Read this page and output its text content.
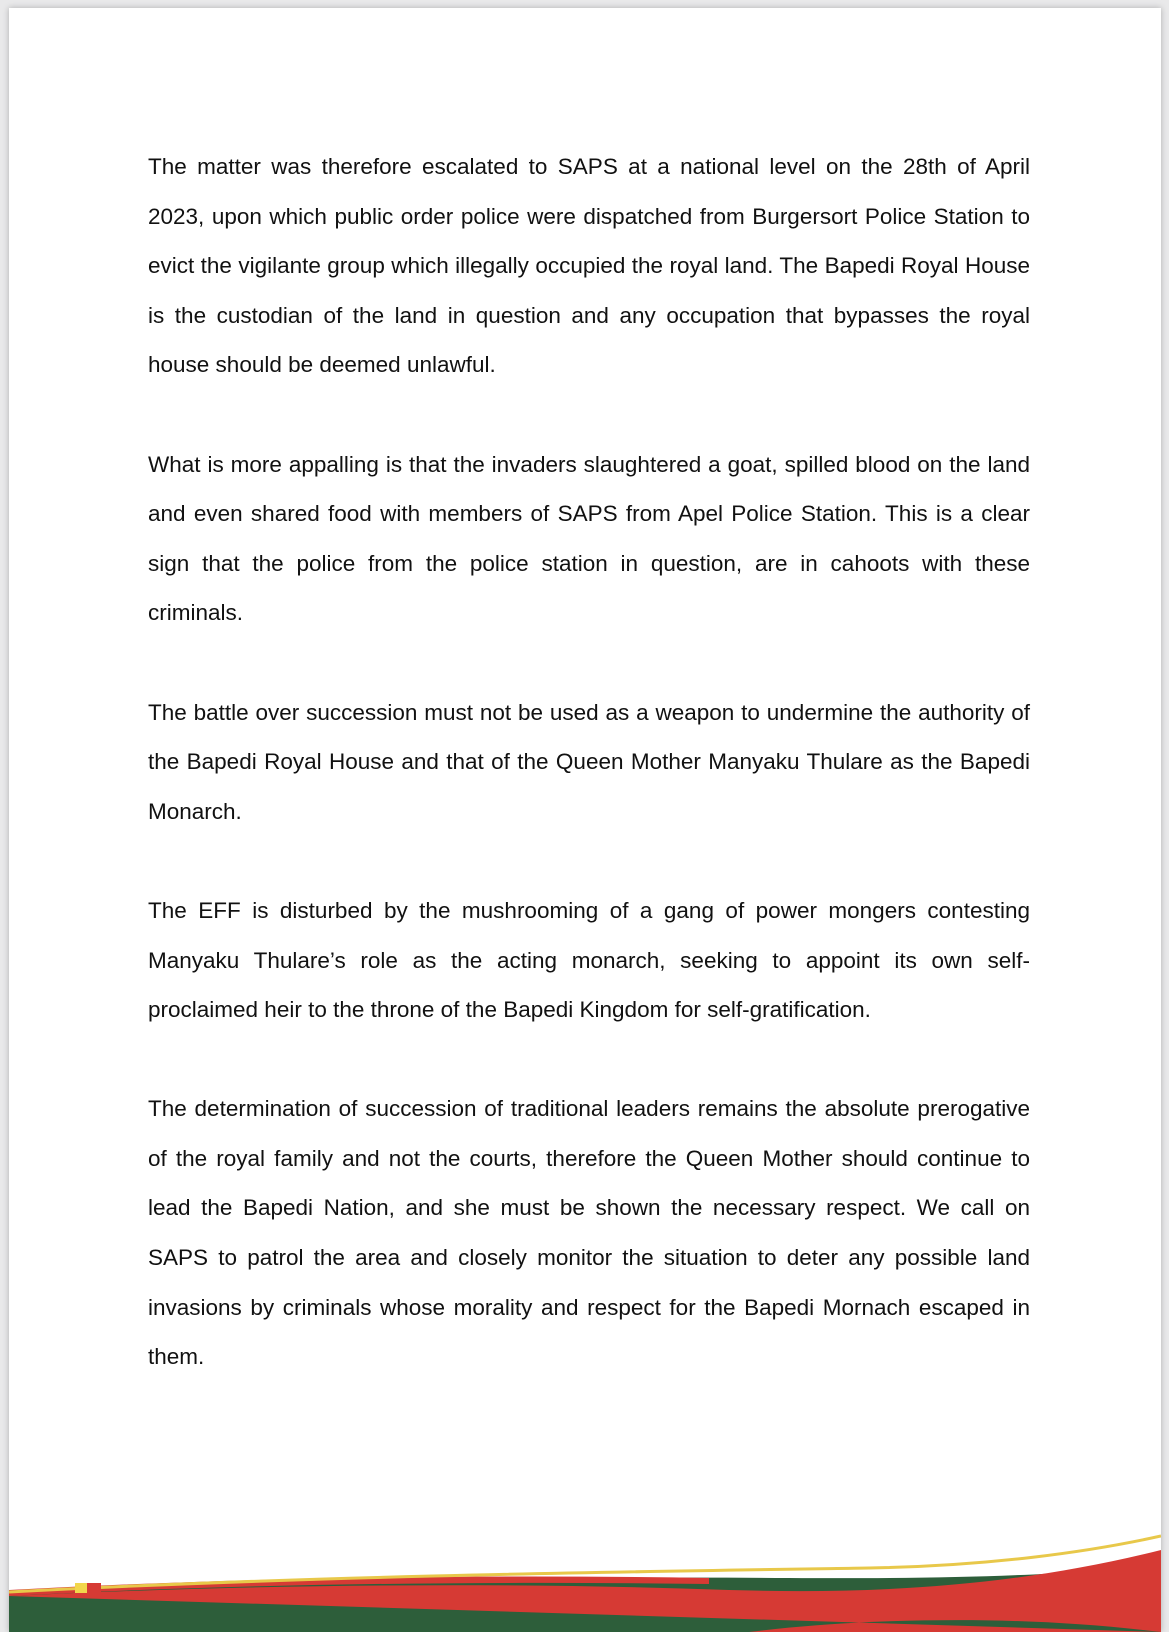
The matter was therefore escalated to SAPS at a national level on the 28th of April 2023, upon which public order police were dispatched from Burgersort Police Station to evict the vigilante group which illegally occupied the royal land. The Bapedi Royal House is the custodian of the land in question and any occupation that bypasses the royal house should be deemed unlawful.

What is more appalling is that the invaders slaughtered a goat, spilled blood on the land and even shared food with members of SAPS from Apel Police Station. This is a clear sign that the police from the police station in question, are in cahoots with these criminals.

The battle over succession must not be used as a weapon to undermine the authority of the Bapedi Royal House and that of the Queen Mother Manyaku Thulare as the Bapedi Monarch.

The EFF is disturbed by the mushrooming of a gang of power mongers contesting Manyaku Thulare’s role as the acting monarch, seeking to appoint its own self-proclaimed heir to the throne of the Bapedi Kingdom for self-gratification.

The determination of succession of traditional leaders remains the absolute prerogative of the royal family and not the courts, therefore the Queen Mother should continue to lead the Bapedi Nation, and she must be shown the necessary respect. We call on SAPS to patrol the area and closely monitor the situation to deter any possible land invasions by criminals whose morality and respect for the Bapedi Mornach escaped in them.
